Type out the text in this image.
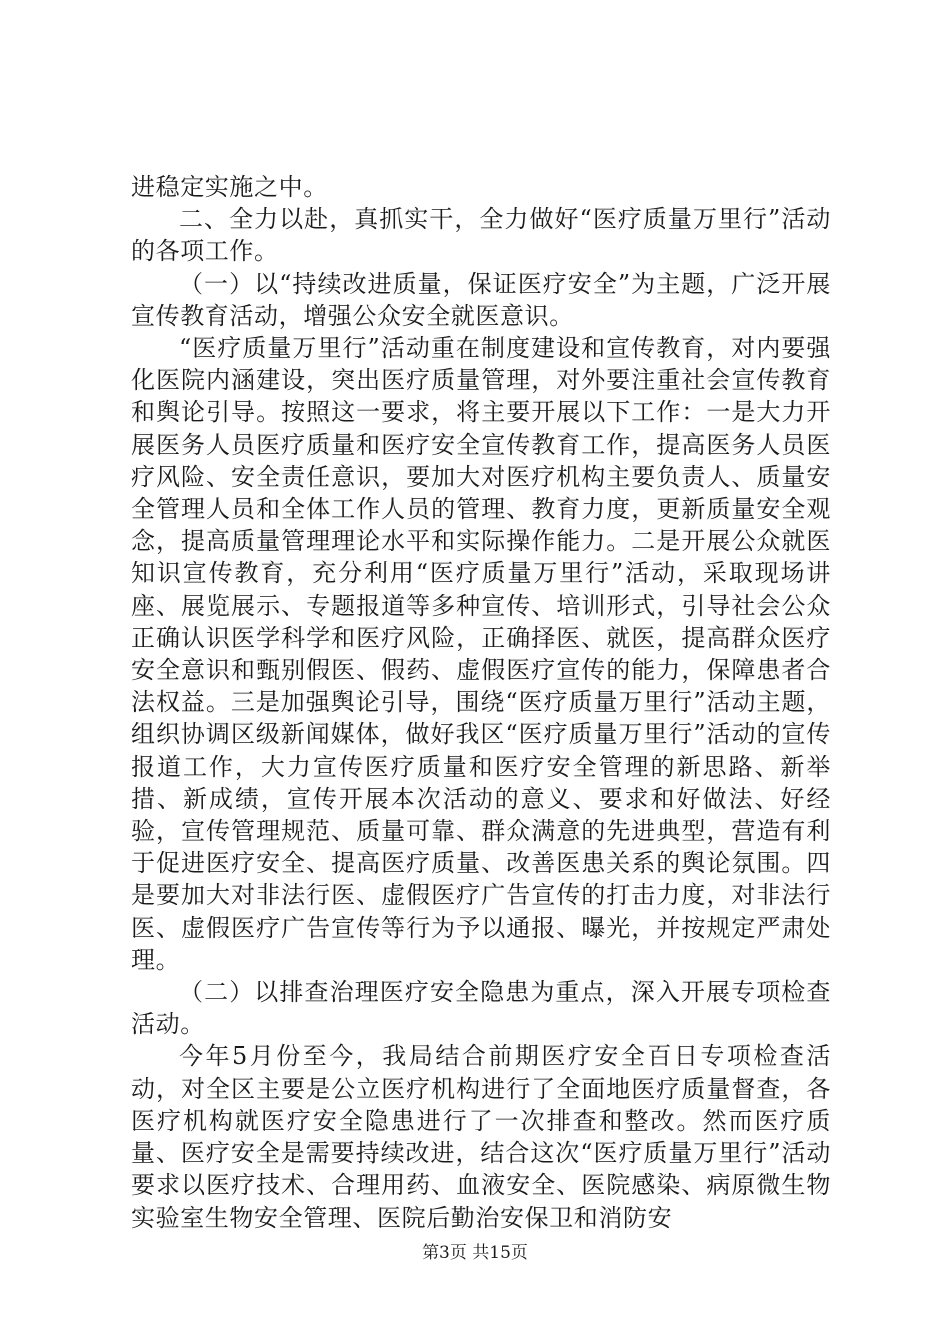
进稳定实施之中。

二、全力以赴，真抓实干，全力做好“医疗质量万里行”活动的各项工作。

（一）以“持续改进质量，保证医疗安全”为主题，广泛开展宣传教育活动，增强公众安全就医意识。

“医疗质量万里行”活动重在制度建设和宣传教育，对内要强化医院内涵建设，突出医疗质量管理，对外要注重社会宣传教育和舆论引导。按照这一要求，将主要开展以下工作：一是大力开展医务人员医疗质量和医疗安全宣传教育工作，提高医务人员医疗风险、安全责任意识，要加大对医疗机构主要负责人、质量安全管理人员和全体工作人员的管理、教育力度，更新质量安全观念，提高质量管理理论水平和实际操作能力。二是开展公众就医知识宣传教育，充分利用“医疗质量万里行”活动，采取现场讲座、展览展示、专题报道等多种宣传、培训形式，引导社会公众正确认识医学科学和医疗风险，正确择医、就医，提高群众医疗安全意识和甄别假医、假药、虚假医疗宣传的能力，保障患者合法权益。三是加强舆论引导，围绕“医疗质量万里行”活动主题，组织协调区级新闻媒体，做好我区“医疗质量万里行”活动的宣传报道工作，大力宣传医疗质量和医疗安全管理的新思路、新举措、新成绩，宣传开展本次活动的意义、要求和好做法、好经验，宣传管理规范、质量可靠、群众满意的先进典型，营造有利于促进医疗安全、提高医疗质量、改善医患关系的舆论氛围。四是要加大对非法行医、虚假医疗广告宣传的打击力度，对非法行医、虚假医疗广告宣传等行为予以通报、曝光，并按规定严肃处理。

（二）以排查治理医疗安全隐患为重点，深入开展专项检查活动。

今年5月份至今，我局结合前期医疗安全百日专项检查活动，对全区主要是公立医疗机构进行了全面地医疗质量督查，各医疗机构就医疗安全隐患进行了一次排查和整改。然而医疗质量、医疗安全是需要持续改进，结合这次“医疗质量万里行”活动要求以医疗技术、合理用药、血液安全、医院感染、病原微生物实验室生物安全管理、医院后勤治安保卫和消防安

第3页 共15页
